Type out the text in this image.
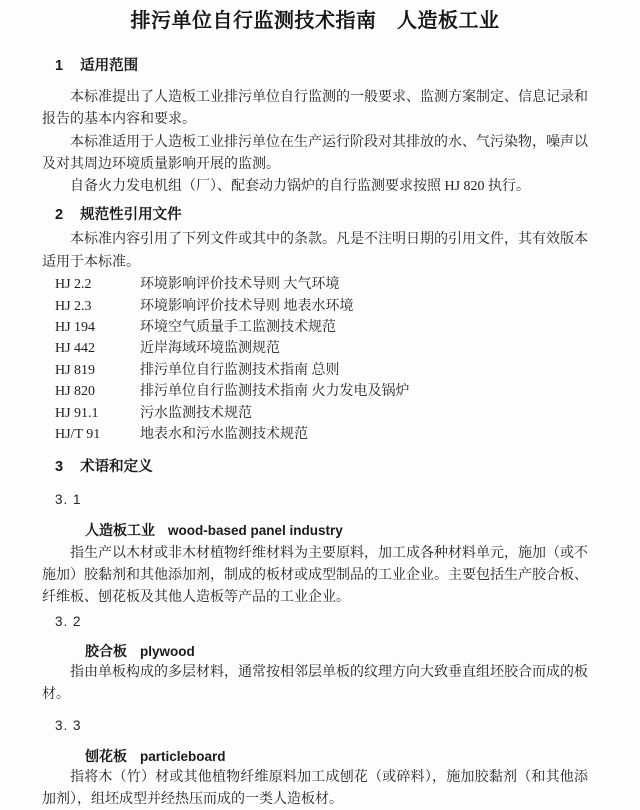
排污单位自行监测技术指南　人造板工业
1 适用范围

本标准提出了人造板工业排污单位自行监测的一般要求、监测方案制定、信息记录和报告的基本内容和要求。

本标准适用于人造板工业排污单位在生产运行阶段对其排放的水、气污染物，噪声以及对其周边环境质量影响开展的监测。

自备火力发电机组（厂）、配套动力锅炉的自行监测要求按照 HJ 820 执行。

2 规范性引用文件

本标准内容引用了下列文件或其中的条款。凡是不注明日期的引用文件，其有效版本适用于本标准。

HJ 2.2	环境影响评价技术导则 大气环境
HJ 2.3	环境影响评价技术导则 地表水环境
HJ 194	环境空气质量手工监测技术规范
HJ 442	近岸海域环境监测规范
HJ 819	排污单位自行监测技术指南 总则
HJ 820	排污单位自行监测技术指南 火力发电及锅炉
HJ 91.1	污水监测技术规范
HJ/T 91	地表水和污水监测技术规范
3 术语和定义
3. 1
人造板工业 wood-based panel industry

指生产以木材或非木材植物纤维材料为主要原料，加工成各种材料单元，施加（或不施加）胶黏剂和其他添加剂，制成的板材或成型制品的工业企业。主要包括生产胶合板、纤维板、刨花板及其他人造板等产品的工业企业。

3. 2
胶合板 plywood

指由单板构成的多层材料，通常按相邻层单板的纹理方向大致垂直组坯胶合而成的板材。

3. 3
刨花板 particleboard

指将木（竹）材或其他植物纤维原料加工成刨花（或碎料），施加胶黏剂（和其他添加剂），组坯成型并经热压而成的一类人造板材。
